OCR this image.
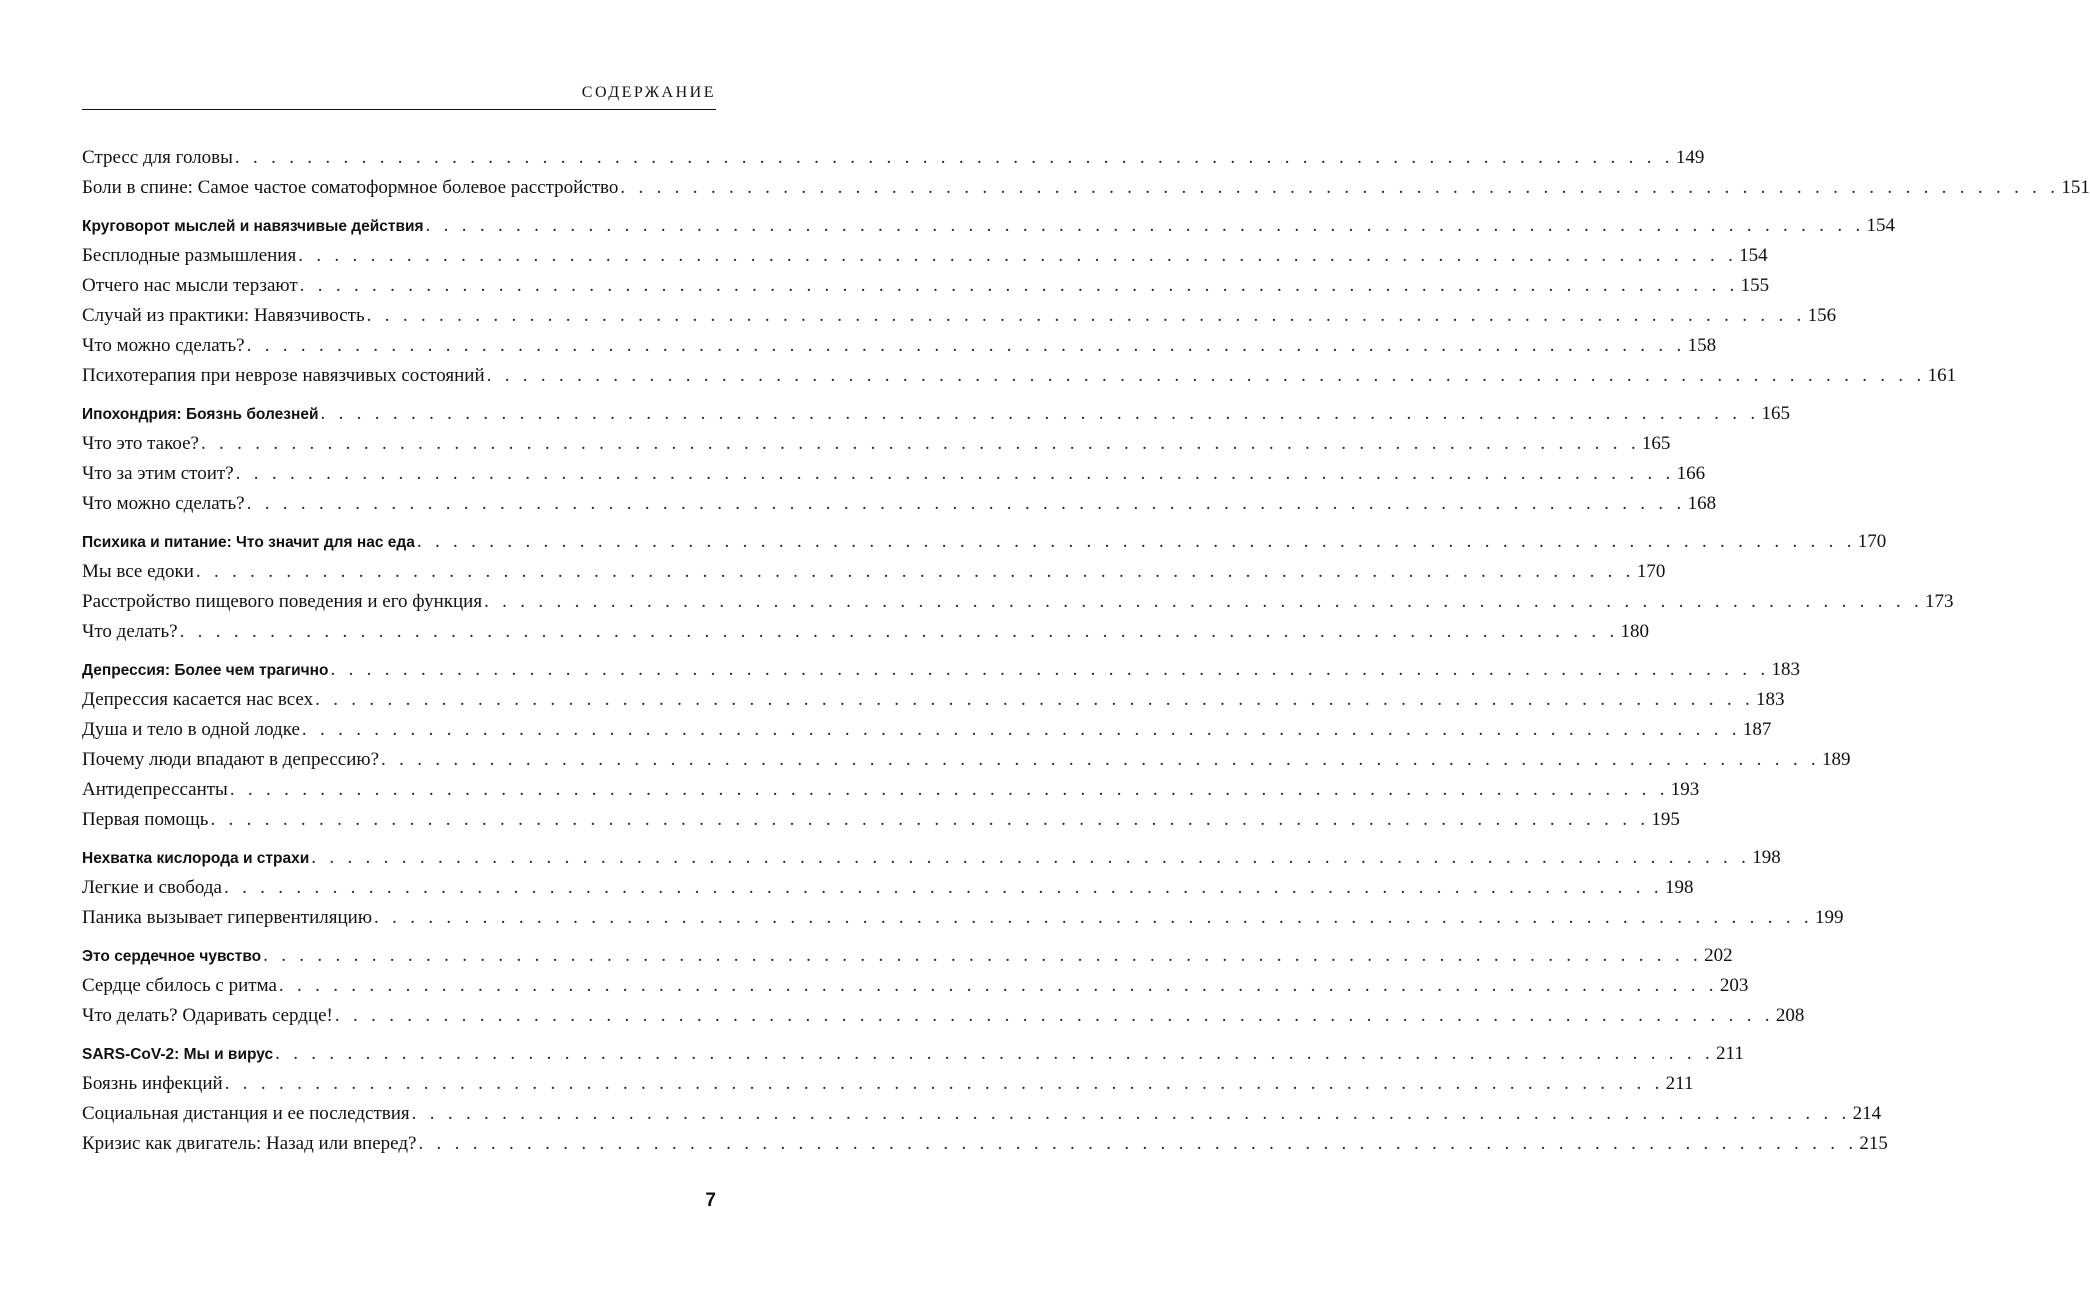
СОДЕРЖАНИЕ
Стресс для головы . . . . . . . . . . . . . . . . . . . . . . . . . . . . . . . . . . . . . . . . . . . . . . . . . . . . . . . . . . . . . . . . . . . . . . . . . . . . . . . . 149
Боли в спине: Самое частое соматоформное болевое расстройство . . . . . . . . . . . . . . . . . . . . . . . . . . . . . . . . . . . . . . . . . . . . . . . . . . . . . . . . . . . . . . . . . . . . . . . . . . . . . . . . 151
Круговорот мыслей и навязчивые действия . . . . . . . . . . . . . . . . . . . . . . . . . . . . . . . . . . . . . . . . . . . . . . . . . . . . . . . . . . . . . . . . . . . . . . . . . . . . . . . . 154
Бесплодные размышления . . . . . . . . . . . . . . . . . . . . . . . . . . . . . . . . . . . . . . . . . . . . . . . . . . . . . . . . . . . . . . . . . . . . . . . . . . . . . . . . 154
Отчего нас мысли терзают . . . . . . . . . . . . . . . . . . . . . . . . . . . . . . . . . . . . . . . . . . . . . . . . . . . . . . . . . . . . . . . . . . . . . . . . . . . . . . . . 155
Случай из практики: Навязчивость . . . . . . . . . . . . . . . . . . . . . . . . . . . . . . . . . . . . . . . . . . . . . . . . . . . . . . . . . . . . . . . . . . . . . . . . . . . . . . . . 156
Что можно сделать? . . . . . . . . . . . . . . . . . . . . . . . . . . . . . . . . . . . . . . . . . . . . . . . . . . . . . . . . . . . . . . . . . . . . . . . . . . . . . . . . 158
Психотерапия при неврозе навязчивых состояний . . . . . . . . . . . . . . . . . . . . . . . . . . . . . . . . . . . . . . . . . . . . . . . . . . . . . . . . . . . . . . . . . . . . . . . . . . . . . . . . 161
Ипохондрия: Боязнь болезней . . . . . . . . . . . . . . . . . . . . . . . . . . . . . . . . . . . . . . . . . . . . . . . . . . . . . . . . . . . . . . . . . . . . . . . . . . . . . . . . 165
Что это такое? . . . . . . . . . . . . . . . . . . . . . . . . . . . . . . . . . . . . . . . . . . . . . . . . . . . . . . . . . . . . . . . . . . . . . . . . . . . . . . . . 165
Что за этим стоит? . . . . . . . . . . . . . . . . . . . . . . . . . . . . . . . . . . . . . . . . . . . . . . . . . . . . . . . . . . . . . . . . . . . . . . . . . . . . . . . . 166
Что можно сделать? . . . . . . . . . . . . . . . . . . . . . . . . . . . . . . . . . . . . . . . . . . . . . . . . . . . . . . . . . . . . . . . . . . . . . . . . . . . . . . . . 168
Психика и питание: Что значит для нас еда . . . . . . . . . . . . . . . . . . . . . . . . . . . . . . . . . . . . . . . . . . . . . . . . . . . . . . . . . . . . . . . . . . . . . . . . . . . . . . . . 170
Мы все едоки . . . . . . . . . . . . . . . . . . . . . . . . . . . . . . . . . . . . . . . . . . . . . . . . . . . . . . . . . . . . . . . . . . . . . . . . . . . . . . . . 170
Расстройство пищевого поведения и его функция . . . . . . . . . . . . . . . . . . . . . . . . . . . . . . . . . . . . . . . . . . . . . . . . . . . . . . . . . . . . . . . . . . . . . . . . . . . . . . . . 173
Что делать? . . . . . . . . . . . . . . . . . . . . . . . . . . . . . . . . . . . . . . . . . . . . . . . . . . . . . . . . . . . . . . . . . . . . . . . . . . . . . . . . 180
Депрессия: Более чем трагично . . . . . . . . . . . . . . . . . . . . . . . . . . . . . . . . . . . . . . . . . . . . . . . . . . . . . . . . . . . . . . . . . . . . . . . . . . . . . . . . 183
Депрессия касается нас всех . . . . . . . . . . . . . . . . . . . . . . . . . . . . . . . . . . . . . . . . . . . . . . . . . . . . . . . . . . . . . . . . . . . . . . . . . . . . . . . . 183
Душа и тело в одной лодке . . . . . . . . . . . . . . . . . . . . . . . . . . . . . . . . . . . . . . . . . . . . . . . . . . . . . . . . . . . . . . . . . . . . . . . . . . . . . . . . 187
Почему люди впадают в депрессию? . . . . . . . . . . . . . . . . . . . . . . . . . . . . . . . . . . . . . . . . . . . . . . . . . . . . . . . . . . . . . . . . . . . . . . . . . . . . . . . . 189
Антидепрессанты . . . . . . . . . . . . . . . . . . . . . . . . . . . . . . . . . . . . . . . . . . . . . . . . . . . . . . . . . . . . . . . . . . . . . . . . . . . . . . . . 193
Первая помощь . . . . . . . . . . . . . . . . . . . . . . . . . . . . . . . . . . . . . . . . . . . . . . . . . . . . . . . . . . . . . . . . . . . . . . . . . . . . . . . . 195
Нехватка кислорода и страхи . . . . . . . . . . . . . . . . . . . . . . . . . . . . . . . . . . . . . . . . . . . . . . . . . . . . . . . . . . . . . . . . . . . . . . . . . . . . . . . . 198
Легкие и свобода . . . . . . . . . . . . . . . . . . . . . . . . . . . . . . . . . . . . . . . . . . . . . . . . . . . . . . . . . . . . . . . . . . . . . . . . . . . . . . . . 198
Паника вызывает гипервентиляцию . . . . . . . . . . . . . . . . . . . . . . . . . . . . . . . . . . . . . . . . . . . . . . . . . . . . . . . . . . . . . . . . . . . . . . . . . . . . . . . . 199
Это сердечное чувство . . . . . . . . . . . . . . . . . . . . . . . . . . . . . . . . . . . . . . . . . . . . . . . . . . . . . . . . . . . . . . . . . . . . . . . . . . . . . . . . 202
Сердце сбилось с ритма . . . . . . . . . . . . . . . . . . . . . . . . . . . . . . . . . . . . . . . . . . . . . . . . . . . . . . . . . . . . . . . . . . . . . . . . . . . . . . . . 203
Что делать? Одаривать сердце! . . . . . . . . . . . . . . . . . . . . . . . . . . . . . . . . . . . . . . . . . . . . . . . . . . . . . . . . . . . . . . . . . . . . . . . . . . . . . . . . 208
SARS-CoV-2: Мы и вирус . . . . . . . . . . . . . . . . . . . . . . . . . . . . . . . . . . . . . . . . . . . . . . . . . . . . . . . . . . . . . . . . . . . . . . . . . . . . . . . . 211
Боязнь инфекций . . . . . . . . . . . . . . . . . . . . . . . . . . . . . . . . . . . . . . . . . . . . . . . . . . . . . . . . . . . . . . . . . . . . . . . . . . . . . . . . 211
Социальная дистанция и ее последствия . . . . . . . . . . . . . . . . . . . . . . . . . . . . . . . . . . . . . . . . . . . . . . . . . . . . . . . . . . . . . . . . . . . . . . . . . . . . . . . . 214
Кризис как двигатель: Назад или вперед? . . . . . . . . . . . . . . . . . . . . . . . . . . . . . . . . . . . . . . . . . . . . . . . . . . . . . . . . . . . . . . . . . . . . . . . . . . . . . . . . 215
7
